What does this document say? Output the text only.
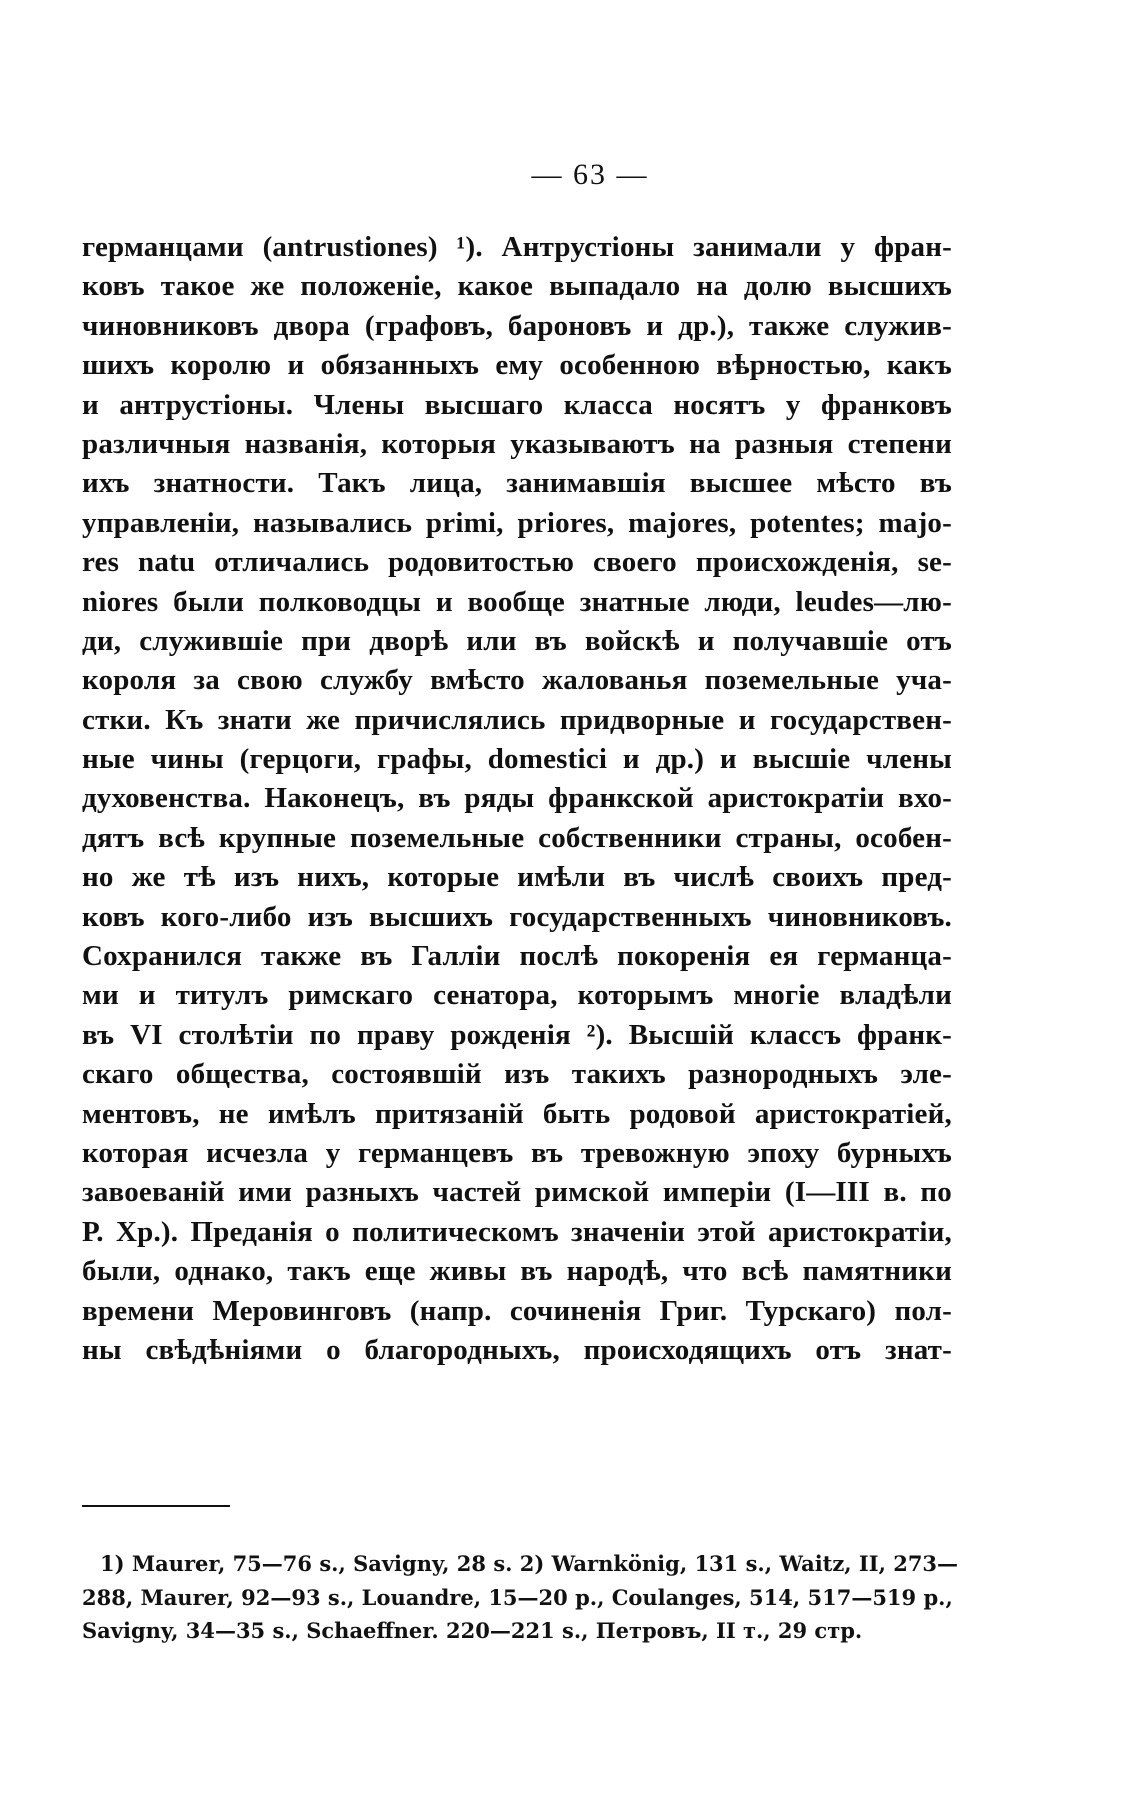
— 63 —
германцами (antrustiones) ¹). Антрустіоны занимали у фран-
ковъ такое же положеніе, какое выпадало на долю высшихъ
чиновниковъ двора (графовъ, бароновъ и др.), также служив-
шихъ королю и обязанныхъ ему особенною вѣрностью, какъ
и антрустіоны. Члены высшаго класса носятъ у франковъ
различныя названія, которыя указываютъ на разныя степени
ихъ знатности. Такъ лица, занимавшія высшее мѣсто въ
управленіи, назывались primi, priores, majores, potentes; majo-
res natu отличались родовитостью своего происхожденія, se-
niores были полководцы и вообще знатные люди, leudes—лю-
ди, служившіе при дворѣ или въ войскѣ и получавшіе отъ
короля за свою службу вмѣсто жалованья поземельные уча-
стки. Къ знати же причислялись придворные и государствен-
ные чины (герцоги, графы, domestici и др.) и высшіе члены
духовенства. Наконецъ, въ ряды франкской аристократіи вхо-
дятъ всѣ крупные поземельные собственники страны, особен-
но же тѣ изъ нихъ, которые имѣли въ числѣ своихъ пред-
ковъ кого-либо изъ высшихъ государственныхъ чиновниковъ.
Сохранился также въ Галліи послѣ покоренія ея германца-
ми и титулъ римскаго сенатора, которымъ многіе владѣли
въ VI столѣтіи по праву рожденія ²). Высшій классъ франк-
скаго общества, состоявшій изъ такихъ разнородныхъ эле-
ментовъ, не имѣлъ притязаній быть родовой аристократіей,
которая исчезла у германцевъ въ тревожную эпоху бурныхъ
завоеваній ими разныхъ частей римской имперіи (I—III в. по
Р. Хр.). Преданія о политическомъ значеніи этой аристократіи,
были, однако, такъ еще живы въ народѣ, что всѣ памятники
времени Меровинговъ (напр. сочиненія Григ. Турскаго) пол-
ны свѣдѣніями о благородныхъ, происходящихъ отъ знат-
1) Maurer, 75—76 s., Savigny, 28 s. 2) Warnkönig, 131 s., Waitz, II, 273—
288, Maurer, 92—93 s., Louandre, 15—20 p., Coulanges, 514, 517—519 p.,
Savigny, 34—35 s., Schaeffner. 220—221 s., Петровъ, II т., 29 стр.
